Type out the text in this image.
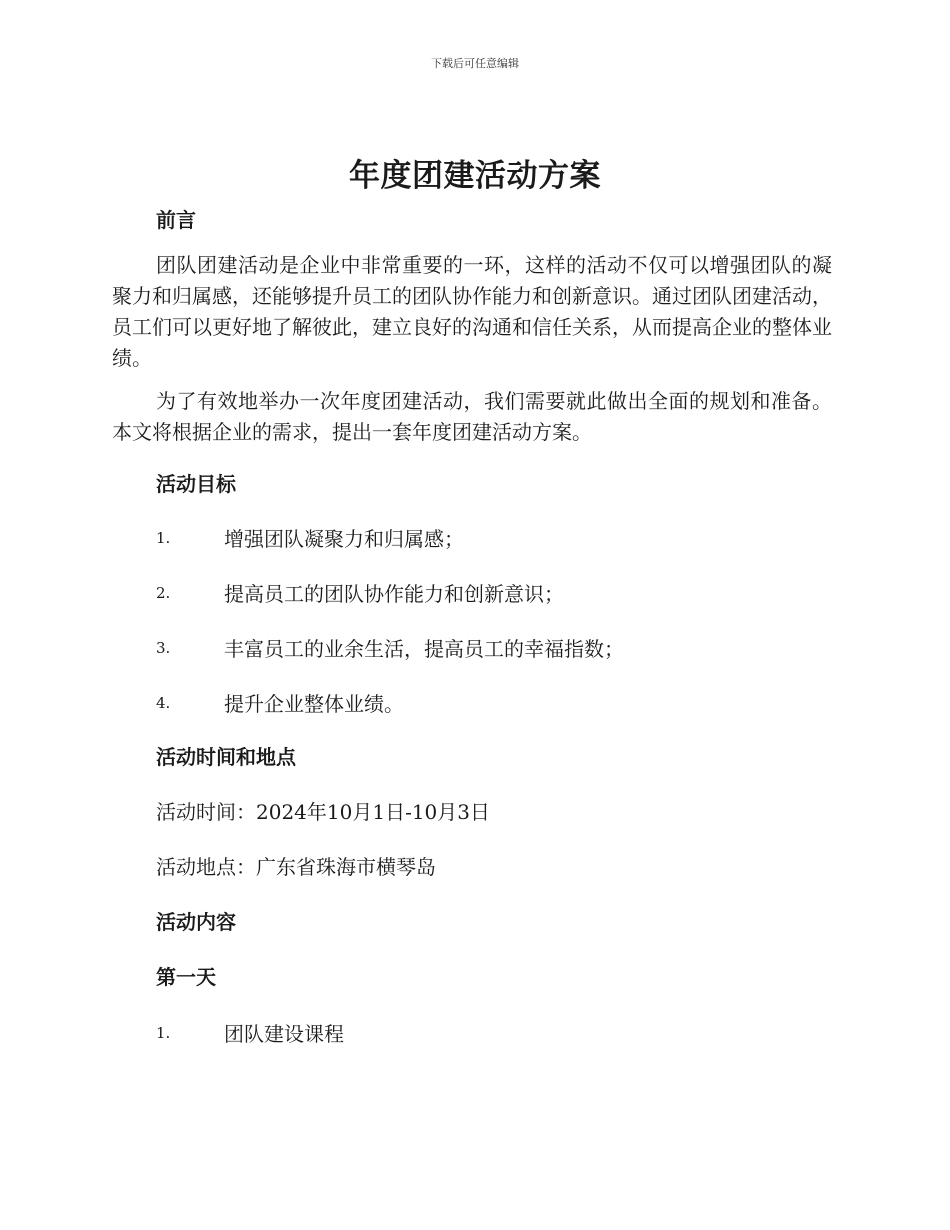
下载后可任意编辑
年度团建活动方案
前言

团队团建活动是企业中非常重要的一环，这样的活动不仅可以增强团队的凝聚力和归属感，还能够提升员工的团队协作能力和创新意识。通过团队团建活动，员工们可以更好地了解彼此，建立良好的沟通和信任关系，从而提高企业的整体业绩。

为了有效地举办一次年度团建活动，我们需要就此做出全面的规划和准备。本文将根据企业的需求，提出一套年度团建活动方案。

活动目标
1.	增强团队凝聚力和归属感；
2.	提高员工的团队协作能力和创新意识；
3.	丰富员工的业余生活，提高员工的幸福指数；
4.	提升企业整体业绩。
活动时间和地点
活动时间：2024年10月1日-10月3日
活动地点：广东省珠海市横琴岛
活动内容
第一天
1.	团队建设课程
